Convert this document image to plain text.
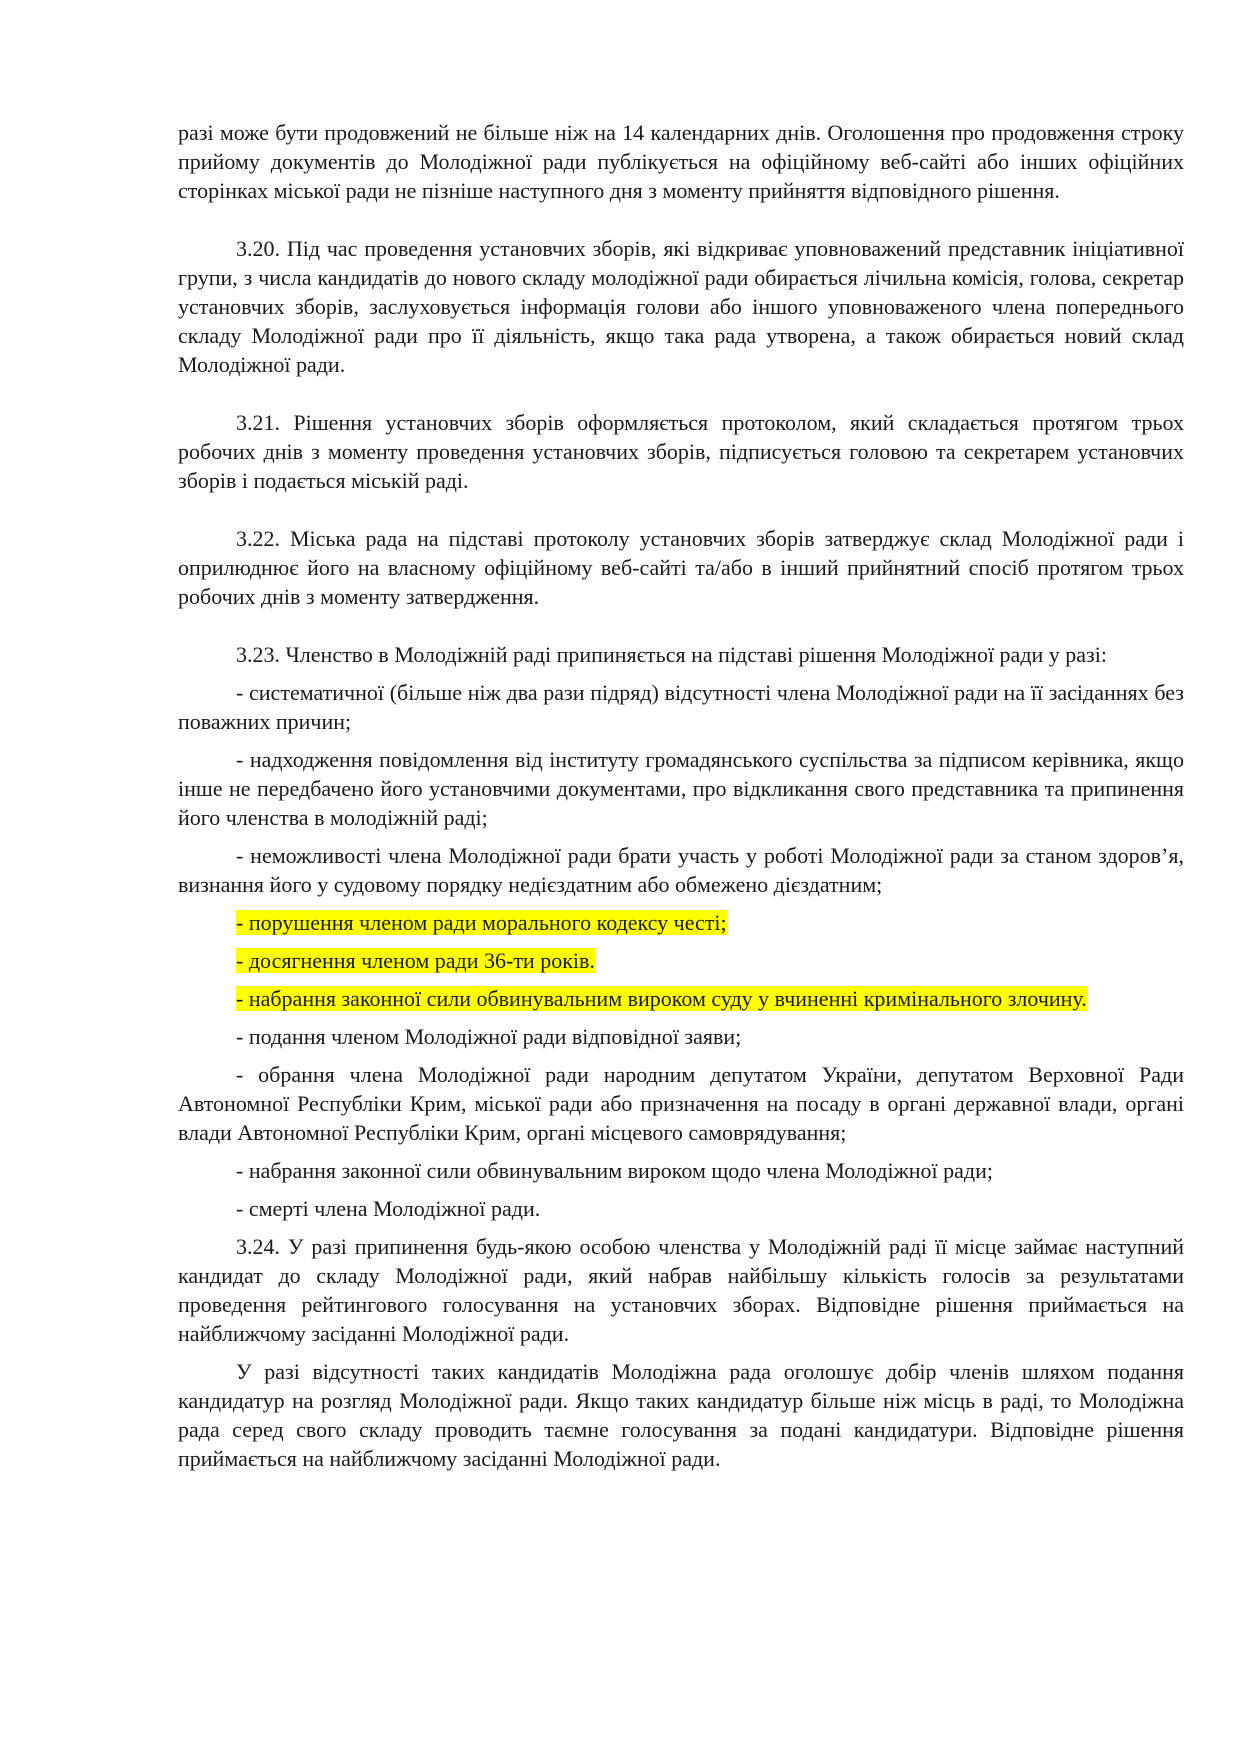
разі може бути продовжений не більше ніж на 14 календарних днів. Оголошення про продовження строку прийому документів до Молодіжної ради публікується на офіційному веб-сайті або інших офіційних сторінках міської ради не пізніше наступного дня з моменту прийняття відповідного рішення.

3.20. Під час проведення установчих зборів, які відкриває уповноважений представник ініціативної групи, з числа кандидатів до нового складу молодіжної ради обирається лічильна комісія, голова, секретар установчих зборів, заслуховується інформація голови або іншого уповноваженого члена попереднього складу Молодіжної ради про її діяльність, якщо така рада утворена, а також обирається новий склад Молодіжної ради.

3.21. Рішення установчих зборів оформляється протоколом, який складається протягом трьох робочих днів з моменту проведення установчих зборів, підписується головою та секретарем установчих зборів і подається міській раді.

3.22. Міська рада на підставі протоколу установчих зборів затверджує склад Молодіжної ради і оприлюднює його на власному офіційному веб-сайті та/або в інший прийнятний спосіб протягом трьох робочих днів з моменту затвердження.

3.23. Членство в Молодіжній раді припиняється на підставі рішення Молодіжної ради у разі:

- систематичної (більше ніж два рази підряд) відсутності члена Молодіжної ради на її засіданнях без поважних причин;

- надходження повідомлення від інституту громадянського суспільства за підписом керівника, якщо інше не передбачено його установчими документами, про відкликання свого представника та припинення його членства в молодіжній раді;

- неможливості члена Молодіжної ради брати участь у роботі Молодіжної ради за станом здоров’я, визнання його у судовому порядку недієздатним або обмежено дієздатним;

- порушення членом ради морального кодексу честі;

- досягнення членом ради 36-ти років.

- набрання законної сили обвинувальним вироком суду у вчиненні кримінального злочину.

- подання членом Молодіжної ради відповідної заяви;

- обрання члена Молодіжної ради народним депутатом України, депутатом Верховної Ради Автономної Республіки Крим, міської ради або призначення на посаду в органі державної влади, органі влади Автономної Республіки Крим, органі місцевого самоврядування;

- набрання законної сили обвинувальним вироком щодо члена Молодіжної ради;

- смерті члена Молодіжної ради.

3.24. У разі припинення будь-якою особою членства у Молодіжній раді її місце займає наступний кандидат до складу Молодіжної ради, який набрав найбільшу кількість голосів за результатами проведення рейтингового голосування на установчих зборах. Відповідне рішення приймається на найближчому засіданні Молодіжної ради.

У разі відсутності таких кандидатів Молодіжна рада оголошує добір членів шляхом подання кандидатур на розгляд Молодіжної ради. Якщо таких кандидатур більше ніж місць в раді, то Молодіжна рада серед свого складу проводить таємне голосування за подані кандидатури. Відповідне рішення приймається на найближчому засіданні Молодіжної ради.
